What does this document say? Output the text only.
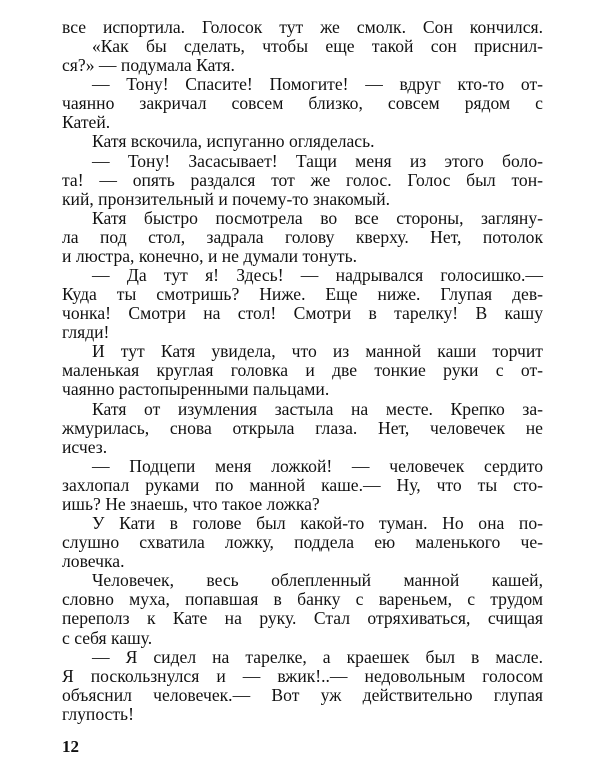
все испортила. Голосок тут же смолк. Сон кончился.
«Как бы сделать, чтобы еще такой сон приснил-
ся?» — подумала Катя.
— Тону! Спасите! Помогите! — вдруг кто-то от-
чаянно закричал совсем близко, совсем рядом с
Катей.
Катя вскочила, испуганно огляделась.
— Тону! Засасывает! Тащи меня из этого боло-
та! — опять раздался тот же голос. Голос был тон-
кий, пронзительный и почему-то знакомый.
Катя быстро посмотрела во все стороны, загляну-
ла под стол, задрала голову кверху. Нет, потолок
и люстра, конечно, и не думали тонуть.
— Да тут я! Здесь! — надрывался голосишко.—
Куда ты смотришь? Ниже. Еще ниже. Глупая дев-
чонка! Смотри на стол! Смотри в тарелку! В кашу
гляди!
И тут Катя увидела, что из манной каши торчит
маленькая круглая головка и две тонкие руки с от-
чаянно растопыренными пальцами.
Катя от изумления застыла на месте. Крепко за-
жмурилась, снова открыла глаза. Нет, человечек не
исчез.
— Подцепи меня ложкой! — человечек сердито
захлопал руками по манной каше.— Ну, что ты сто-
ишь? Не знаешь, что такое ложка?
У Кати в голове был какой-то туман. Но она по-
слушно схватила ложку, поддела ею маленького че-
ловечка.
Человечек, весь облепленный манной кашей,
словно муха, попавшая в банку с вареньем, с трудом
переполз к Кате на руку. Стал отряхиваться, счищая
с себя кашу.
— Я сидел на тарелке, а краешек был в масле.
Я поскользнулся и — вжик!..— недовольным голосом
объяснил человечек.— Вот уж действительно глупая
глупость!
12
